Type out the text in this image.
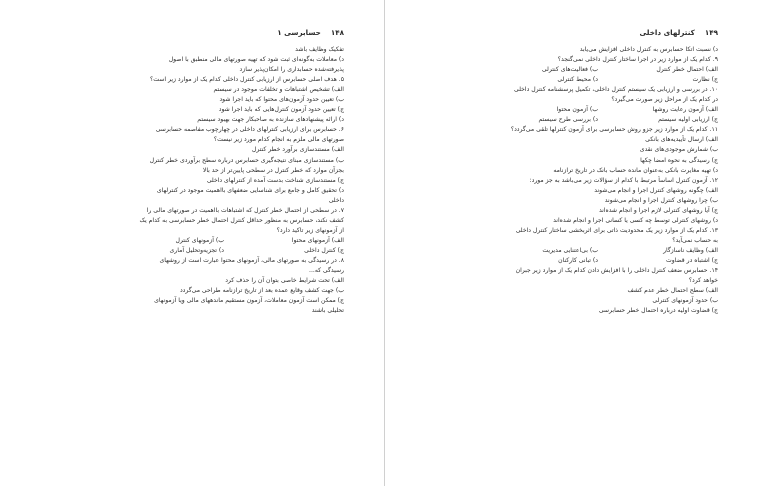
۱۴۸
حسابرسی ۱
تفکیک وظایف باشد
د) معاملات به‌گونه‌ای ثبت شود که تهیه صورتهای مالی منطبق با اصول
پذیرفته‌شده حسابداری را امکان‌پذیر سازد
۵. هدف اصلی حسابرس از ارزیابی کنترل داخلی کدام یک از موارد زیر است؟
الف) تشخیص اشتباهات و تخلفات موجود در سیستم
ب) تعیین حدود آزمون‌های محتوا که باید اجرا شود
ج) تعیین حدود آزمون کنترل‌هایی که باید اجرا شود
د) ارائه پیشنهادهای سازنده به صاحبکار جهت بهبود سیستم
۶. حسابرس برای ارزیابی کنترلهای داخلی در چهارچوب مفاصمه حسابرسی
صورتهای مالی ملزم به انجام کدام مورد زیر نیست؟
الف) مستندسازی برآورد خطر کنترل
ب) مستندسازی مبنای نتیجه‌گیری حسابرس درباره سطح برآوردی خطر کنترل
بجزآن موارد که خطر کنترل در سطحی پایین‌تر از حد بالا
ج) مستندسازی شناخت بدست آمده از کنترلهای داخلی
د) تحقیق کامل و جامع برای شناسایی ضعفهای بااهمیت موجود در کنترلهای
داخلی
۷. در سطحی از احتمال خطر کنترل که اشتباهات بااهمیت در صورتهای مالی را
کشف نکند، حسابرس به منظور حداقل کنترل احتمال خطر حسابرسی به کدام یک
از آزمونهای زیر تاکید دارد؟
الف) آزمونهای محتوا
ب) آزمونهای کنترل
ج) کنترل داخلی
د) تجزیه‌وتحلیل آماری
۸. در رسیدگی به صورتهای مالی، آزمونهای محتوا عبارت است از روشهای
رسیدگی که...
الف) تحت شرایط خاصی بتوان آن را حذف کرد
ب) جهت کشف وقایع عمده بعد از تاریخ ترازنامه طراحی می‌گردد
ج) ممکن است آزمون معاملات، آزمون مستقیم ماندههای مالی ویا آزمونهای
تحلیلی باشند
۱۴۹
کنترلهای داخلی
د) نسبت اتکا حسابرس به کنترل داخلی افزایش می‌یابد
۹. کدام یک از موارد زیر در اجرا ساختار کنترل داخلی نمی‌گنجد؟
الف) احتمال خطر کنترل
ب) فعالیت‌های کنترلی
ج) نظارت
د) محیط کنترلی
۱۰. در بررسی و ارزیابی یک سیستم کنترل داخلی، تکمیل پرسشنامه کنترل داخلی
در کدام یک از مراحل زیر صورت می‌گیرد؟
الف) آزمون رعایت روشها
ب) آزمون محتوا
ج) ارزیابی اولیه سیستم
د) بررسی طرح سیستم
۱۱. کدام یک از موارد زیر جزو روش حسابرسی برای آزمون کنترلها تلقی می‌گردد؟
الف) ارسال تأییدیه‌های بانکی
ب) شمارش موجودی‌های نقدی
ج) رسیدگی به نحوه امضا چکها
د) تهیه مغایرت بانکی به‌عنوان مانده حساب بانک در تاریخ ترازنامه
۱۲. آزمون کنترل اساساً مرتبط با کدام از سؤالات زیر می‌باشد به جز مورد:
الف) چگونه روشهای کنترل اجرا و انجام می‌شوند
ب) چرا روشهای کنترل اجرا و انجام می‌شوند
ج) آیا روشهای کنترلی لازم اجرا و انجام شده‌اند
د) روشهای کنترلی توسط چه کسی یا کسانی اجرا و انجام شده‌اند
۱۳. کدام یک از موارد زیر یک محدودیت ذاتی برای اثربخشی ساختار کنترل داخلی
به حساب نمی‌آید؟
الف) وظایف ناسازگار
ب) بی‌اعتنایی مدیریت
ج) اشتباه در قضاوت
د) تبانی کارکنان
۱۴. حسابرس ضعف کنترل داخلی را با افزایش دادن کدام یک از موارد زیر جبران
خواهد کرد؟
الف) سطح احتمال خطر عدم کشف
ب) حدود آزمونهای کنترلی
ج) قضاوت اولیه درباره احتمال خطر حسابرسی
